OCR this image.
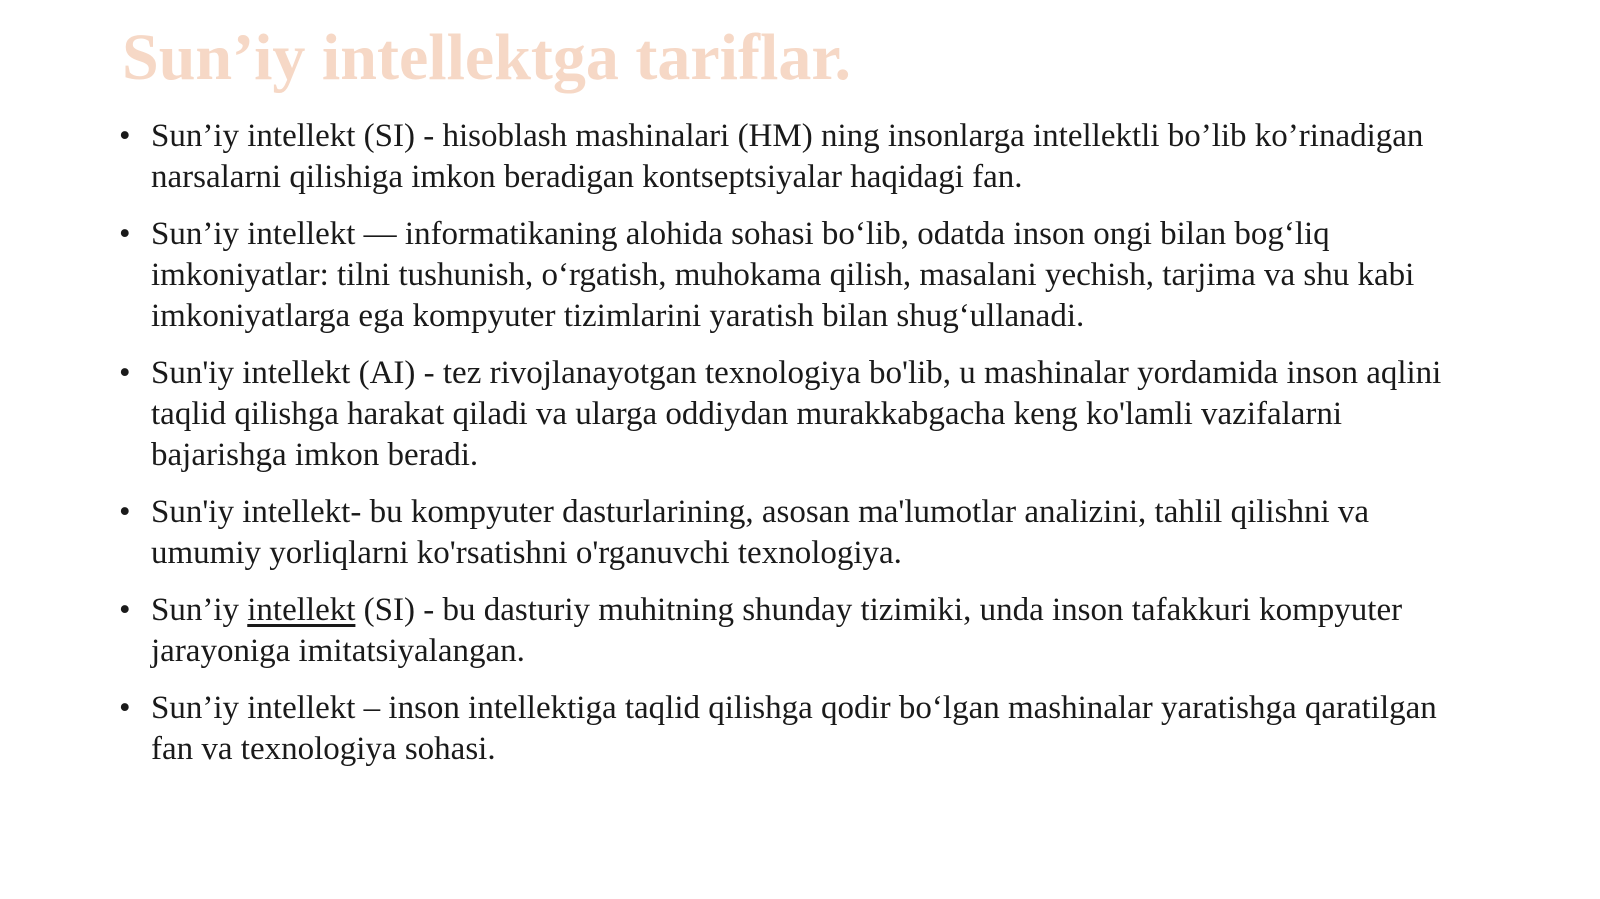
Sun’iy intellektga tariflar.
• Sun’iy intellekt (SI) - hisoblash mashinalari (HM) ning insonlarga intellektli bo’lib ko’rinadigan narsalarni qilishiga imkon beradigan kontseptsiyalar haqidagi fan.
• Sun’iy intellekt — informatikaning alohida sohasi bo‘lib, odatda inson ongi bilan bog‘liq imkoniyatlar: tilni tushunish, o‘rgatish, muhokama qilish, masalani yechish, tarjima va shu kabi imkoniyatlarga ega kompyuter tizimlarini yaratish bilan shug‘ullanadi.
• Sun'iy intellekt (AI) - tez rivojlanayotgan texnologiya bo'lib, u mashinalar yordamida inson aqlini taqlid qilishga harakat qiladi va ularga oddiydan murakkabgacha keng ko'lamli vazifalarni bajarishga imkon beradi.
• Sun'iy intellekt- bu kompyuter dasturlarining, asosan ma'lumotlar analizini, tahlil qilishni va umumiy yorliqlarni ko'rsatishni o'rganuvchi texnologiya.
• Sun’iy intellekt (SI) - bu dasturiy muhitning shunday tizimiki, unda inson tafakkuri kompyuter jarayoniga imitatsiyalangan.
• Sun’iy intellekt – inson intellektiga taqlid qilishga qodir bo‘lgan mashinalar yaratishga qaratilgan fan va texnologiya sohasi.
